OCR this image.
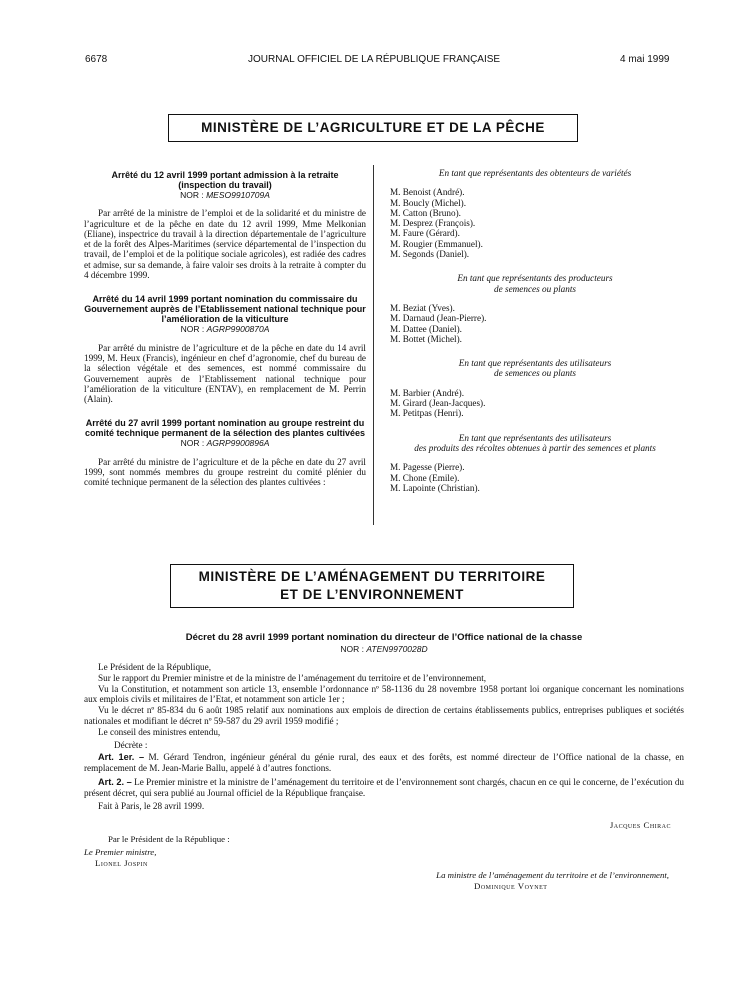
6678	JOURNAL OFFICIEL DE LA RÉPUBLIQUE FRANÇAISE	4 mai 1999
MINISTÈRE DE L’AGRICULTURE ET DE LA PÊCHE

Arrêté du 12 avril 1999 portant admission à la retraite (inspection du travail)

NOR : MESO9910709A

Par arrêté de la ministre de l’emploi et de la solidarité et du ministre de l’agriculture et de la pêche en date du 12 avril 1999, Mme Melkonian (Eliane), inspectrice du travail à la direction départementale de l’agriculture et de la forêt des Alpes-Maritimes (service départemental de l’inspection du travail, de l’emploi et de la politique sociale agricoles), est radiée des cadres et admise, sur sa demande, à faire valoir ses droits à la retraite à compter du 4 décembre 1999.

Arrêté du 14 avril 1999 portant nomination du commissaire du Gouvernement auprès de l’Etablissement national technique pour l’amélioration de la viticulture

NOR : AGRP9900870A

Par arrêté du ministre de l’agriculture et de la pêche en date du 14 avril 1999, M. Heux (Francis), ingénieur en chef d’agronomie, chef du bureau de la sélection végétale et des semences, est nommé commissaire du Gouvernement auprès de l’Etablissement national technique pour l’amélioration de la viticulture (ENTAV), en remplacement de M. Perrin (Alain).

Arrêté du 27 avril 1999 portant nomination au groupe restreint du comité technique permanent de la sélection des plantes cultivées

NOR : AGRP9900896A

Par arrêté du ministre de l’agriculture et de la pêche en date du 27 avril 1999, sont nommés membres du groupe restreint du comité plénier du comité technique permanent de la sélection des plantes cultivées :

En tant que représentants des obtenteurs de variétés

M. Benoist (André).
M. Boucly (Michel).
M. Catton (Bruno).
M. Desprez (François).
M. Faure (Gérard).
M. Rougier (Emmanuel).
M. Segonds (Daniel).

En tant que représentants des producteurs

de semences ou plants

M. Beziat (Yves).
M. Darnaud (Jean-Pierre).
M. Dattee (Daniel).
M. Bottet (Michel).

En tant que représentants des utilisateurs

de semences ou plants

M. Barbier (André).
M. Girard (Jean-Jacques).
M. Petitpas (Henri).

En tant que représentants des utilisateurs

des produits des récoltes obtenues à partir des semences et plants

M. Pagesse (Pierre).
M. Chone (Emile).
M. Lapointe (Christian).
MINISTÈRE DE L’AMÉNAGEMENT DU TERRITOIRE
ET DE L’ENVIRONNEMENT
Décret du 28 avril 1999 portant nomination du directeur de l’Office national de la chasse
NOR : ATEN9970028D

Le Président de la République,

Sur le rapport du Premier ministre et de la ministre de l’aménagement du territoire et de l’environnement,

Vu la Constitution, et notamment son article 13, ensemble l’ordonnance nº 58-1136 du 28 novembre 1958 portant loi organique concernant les nominations aux emplois civils et militaires de l’Etat, et notamment son article 1er ;

Vu le décret nº 85-834 du 6 août 1985 relatif aux nominations aux emplois de direction de certains établissements publics, entreprises publiques et sociétés nationales et modifiant le décret nº 59-587 du 29 avril 1959 modifié ;

Le conseil des ministres entendu,

Décrète :

Art. 1er. – M. Gérard Tendron, ingénieur général du génie rural, des eaux et des forêts, est nommé directeur de l’Office national de la chasse, en remplacement de M. Jean-Marie Ballu, appelé à d’autres fonctions.

Art. 2. – Le Premier ministre et la ministre de l’aménagement du territoire et de l’environnement sont chargés, chacun en ce qui le concerne, de l’exécution du présent décret, qui sera publié au Journal officiel de la République française.

Fait à Paris, le 28 avril 1999.

Jacques Chirac
Par le Président de la République :
Le Premier ministre,
Lionel Jospin
La ministre de l’aménagement du territoire et de l’environnement,
Dominique Voynet
